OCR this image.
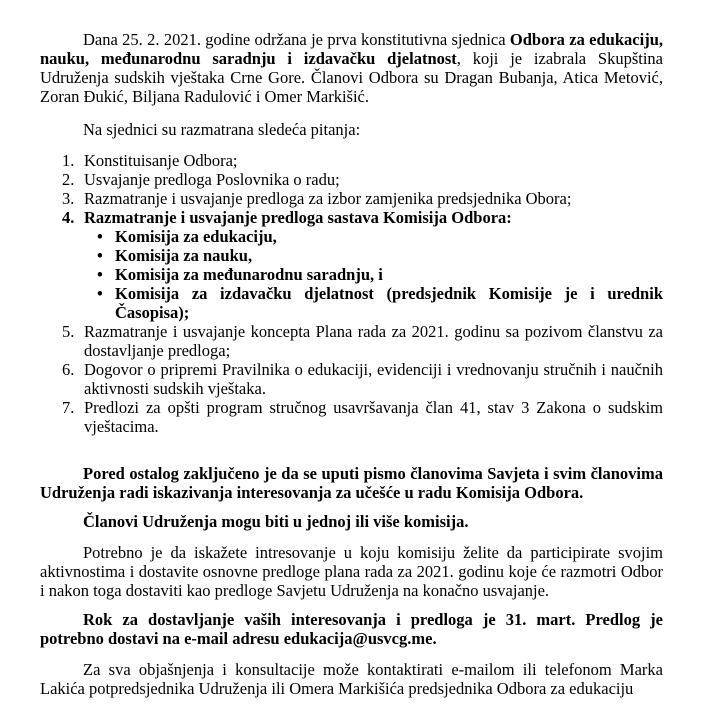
Dana 25. 2. 2021. godine održana je prva konstitutivna sjednica Odbora za edukaciju, nauku, međunarodnu saradnju i izdavačku djelatnost, koji je izabrala Skupština Udruženja sudskih vještaka Crne Gore. Članovi Odbora su Dragan Bubanja, Atica Metović, Zoran Đukić, Biljana Radulović i Omer Markišić.

Na sjednici su razmatrana sledeća pitanja:

1. Konstituisanje Odbora;
2. Usvajanje predloga Poslovnika o radu;
3. Razmatranje i usvajanje predloga za izbor zamjenika predsjednika Obora;
4. Razmatranje i usvajanje predloga sastava Komisija Odbora:
• Komisija za edukaciju,
• Komisija za nauku,
• Komisija za međunarodnu saradnju, i
• Komisija za izdavačku djelatnost (predsjednik Komisije je i urednik Časopisa);
5. Razmatranje i usvajanje koncepta Plana rada za 2021. godinu sa pozivom članstvu za dostavljanje predloga;
6. Dogovor o pripremi Pravilnika o edukaciji, evidenciji i vrednovanju stručnih i naučnih aktivnosti sudskih vještaka.
7. Predlozi za opšti program stručnog usavršavanja član 41, stav 3 Zakona o sudskim vještacima.

Pored ostalog zaključeno je da se uputi pismo članovima Savjeta i svim članovima Udruženja radi iskazivanja interesovanja za učešće u radu Komisija Odbora.

Članovi Udruženja mogu biti u jednoj ili više komisija.

Potrebno je da iskažete intresovanje u koju komisiju želite da participirate svojim aktivnostima i dostavite osnovne predloge plana rada za 2021. godinu koje će razmotri Odbor i nakon toga dostaviti kao predloge Savjetu Udruženja na konačno usvajanje.

Rok za dostavljanje vaših interesovanja i predloga je 31. mart. Predlog je potrebno dostavi na e-mail adresu edukacija@usvcg.me.

Za sva objašnjenja i konsultacije može kontaktirati e-mailom ili telefonom Marka Lakića potpredsjednika Udruženja ili Omera Markišića predsjednika Odbora za edukaciju
